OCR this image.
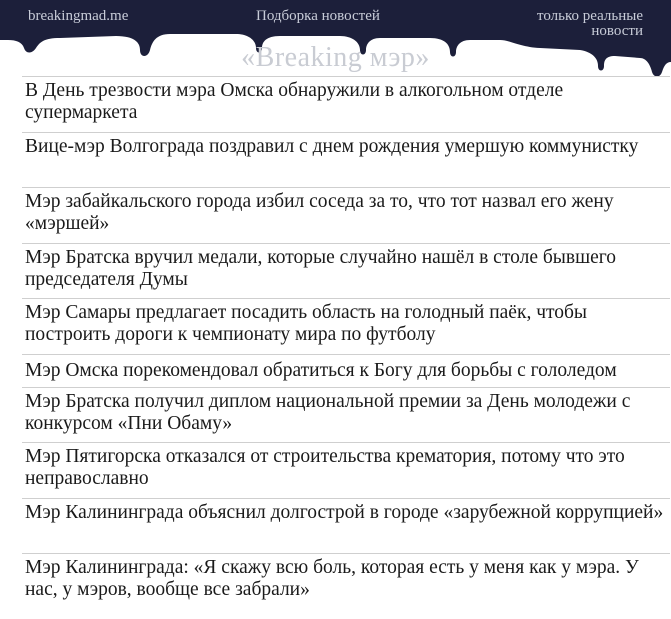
breakingmad.me	Подборка новостей	только реальные
новости
«Breaking мэр»
В День трезвости мэра Омска обнаружили в алкогольном отделе супермаркета
Вице-мэр Волгограда поздравил с днем рождения умершую коммунистку
Мэр забайкальского города избил соседа за то, что тот назвал его жену «мэршей»
Мэр Братска вручил медали, которые случайно нашёл в столе бывшего председателя Думы
Мэр Самары предлагает посадить область на голодный паёк, чтобы построить дороги к чемпионату мира по футболу
Мэр Омска порекомендовал обратиться к Богу для борьбы с гололедом
Мэр Братска получил диплом национальной премии за День молодежи с конкурсом «Пни Обаму»
Мэр Пятигорска отказался от строительства крематория, потому что это неправославно
Мэр Калининграда объяснил долгострой в городе «зарубежной коррупцией»
Мэр Калининграда: «Я скажу всю боль, которая есть у меня как у мэра. У нас, у мэров, вообще все забрали»
